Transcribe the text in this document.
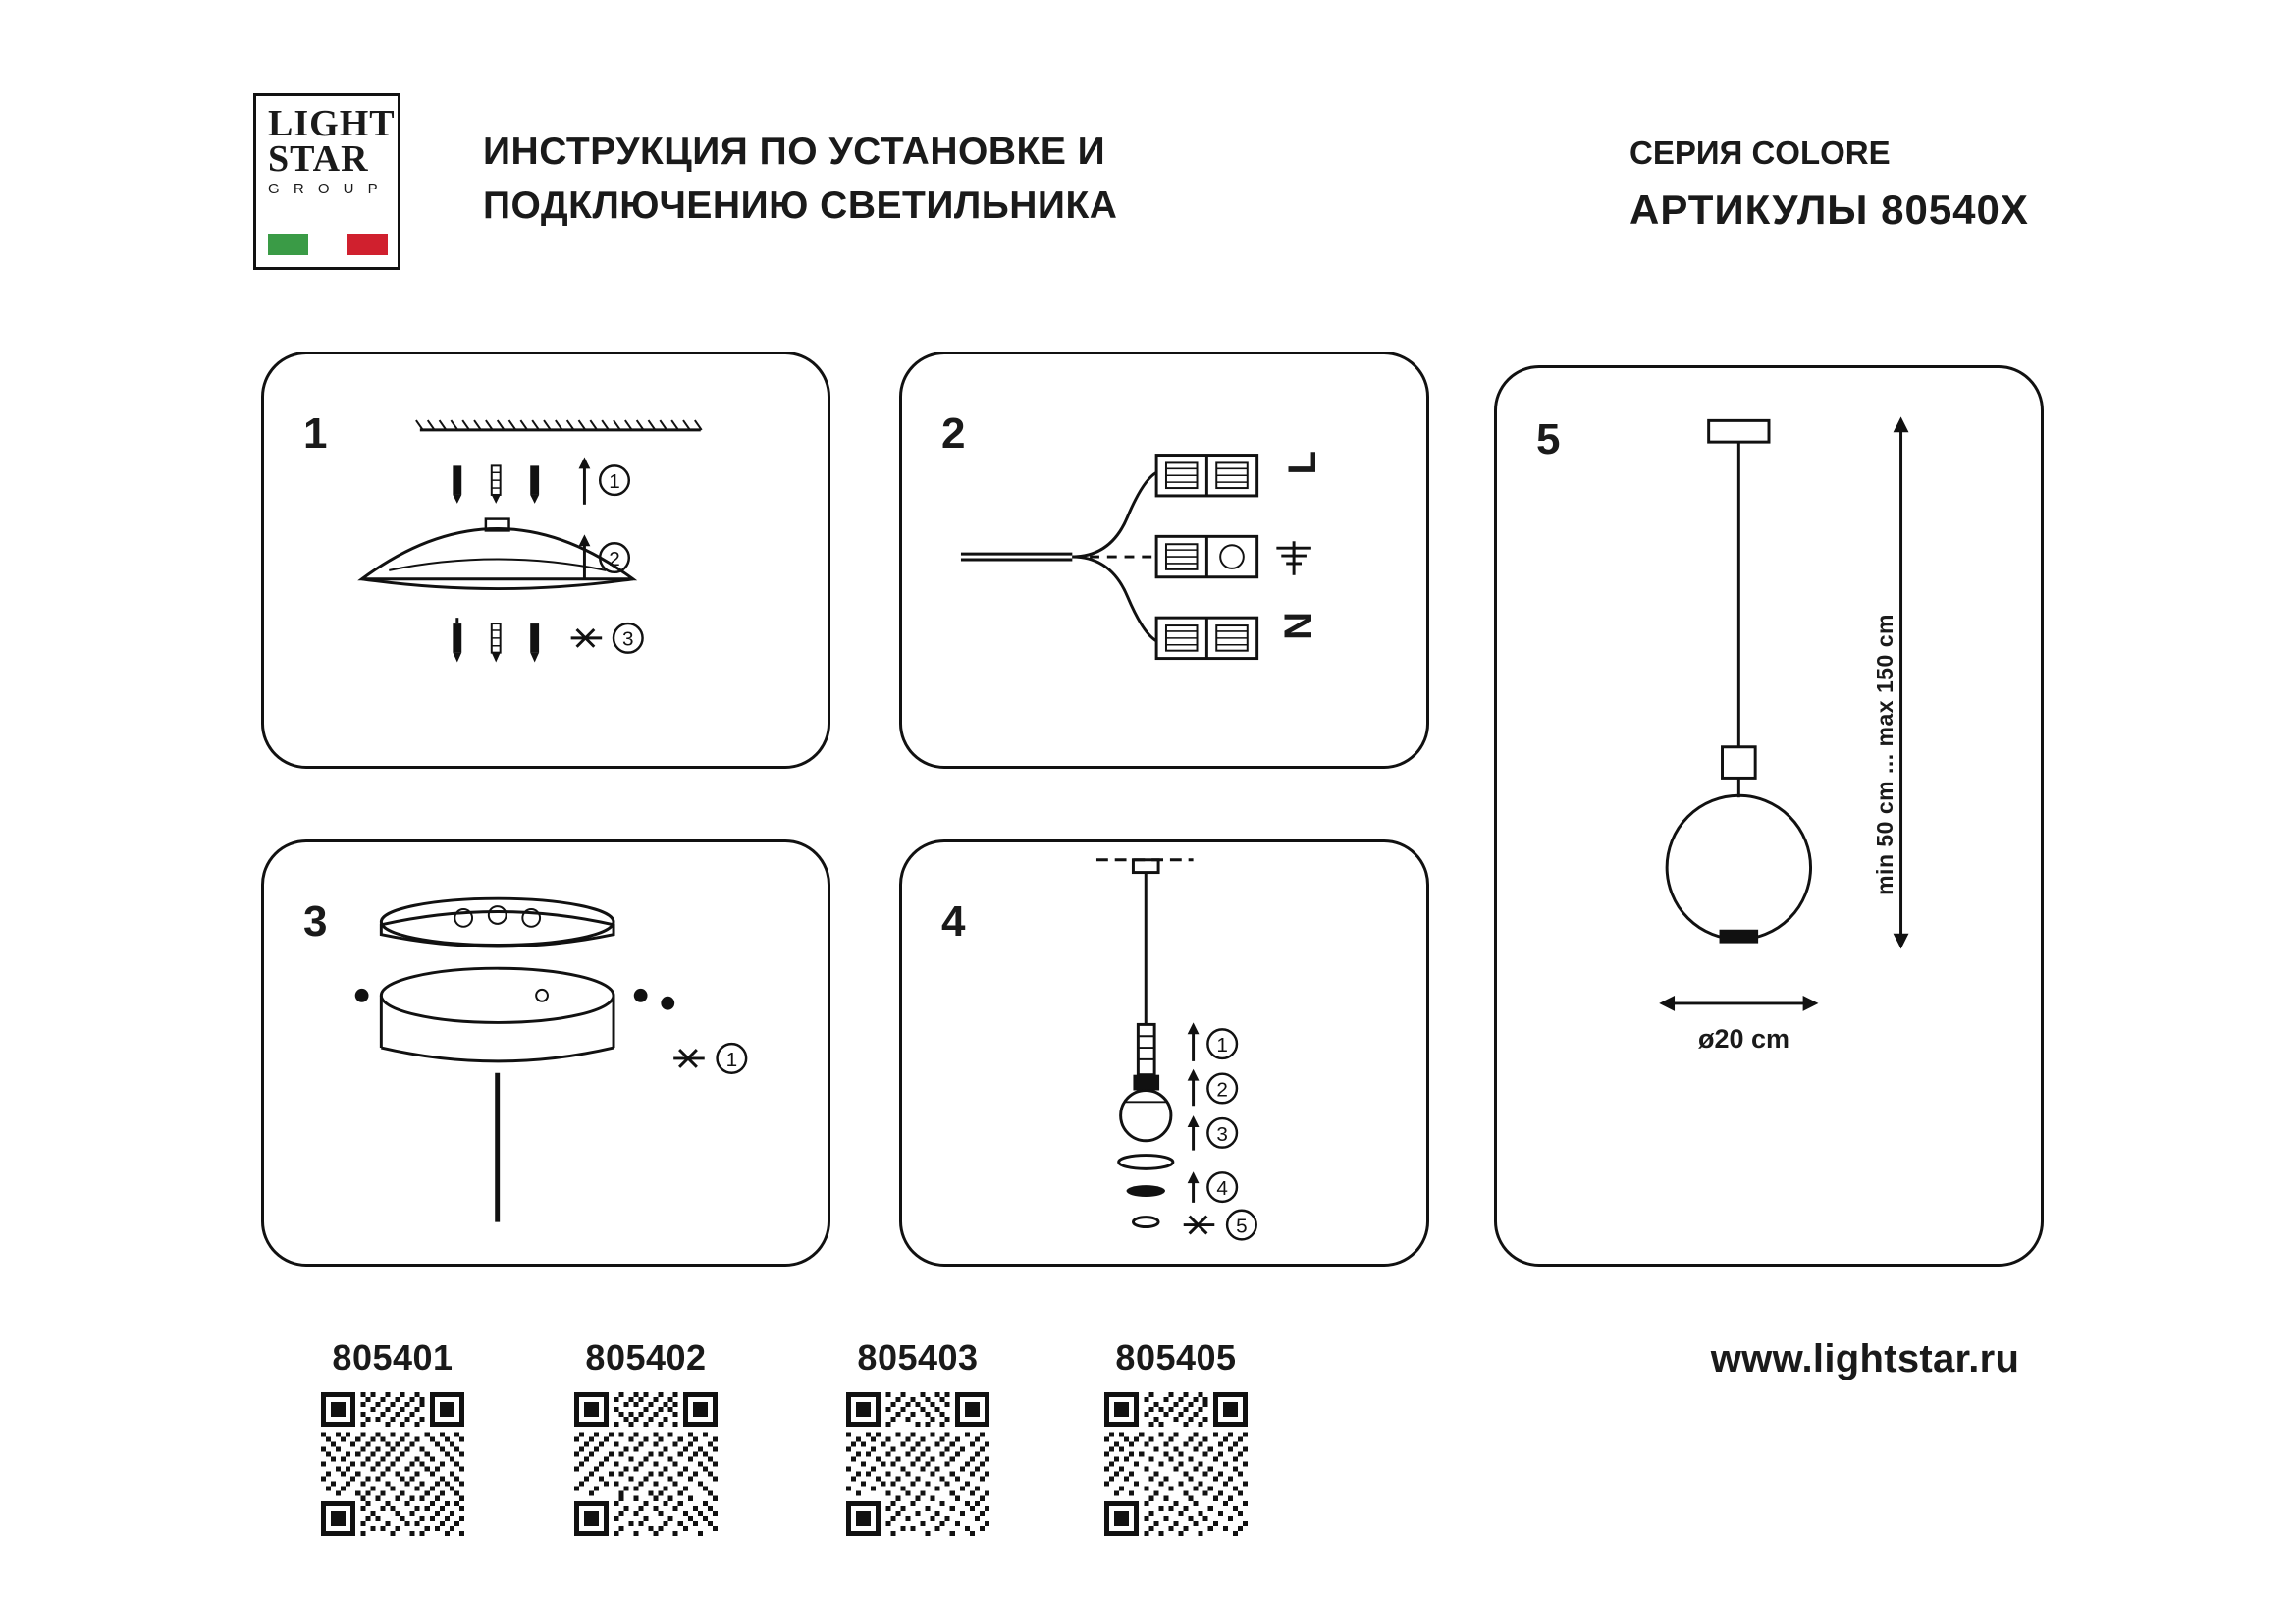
LIGHT
STAR
G R O U P
ИНСТРУКЦИЯ ПО УСТАНОВКЕ И
ПОДКЛЮЧЕНИЮ СВЕТИЛЬНИКА
СЕРИЯ COLORE
АРТИКУЛЫ 80540X
1
1
2
3
2
L
N
3
1
4
1
2
3
4
5
5
min 50 cm ... max 150 cm
ø20 cm
805401	805402	805403	805405	www.lightstar.ru
